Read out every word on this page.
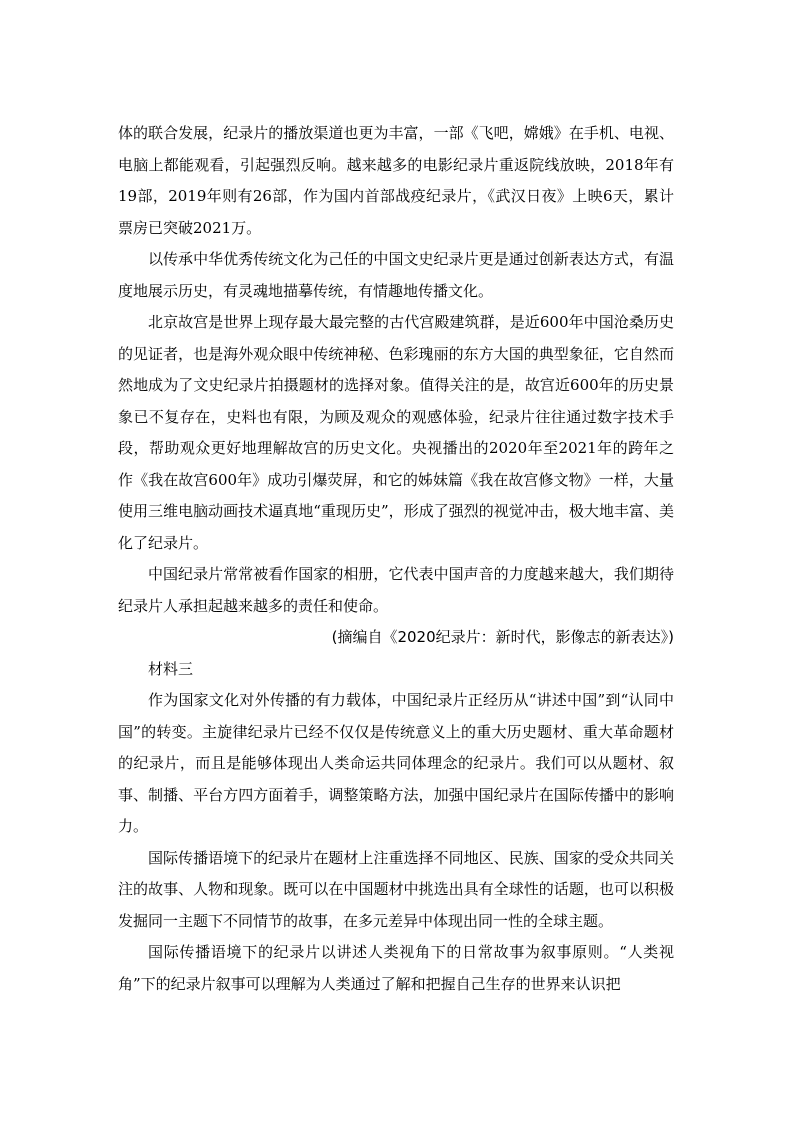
体的联合发展，纪录片的播放渠道也更为丰富，一部《飞吧，嫦娥》在手机、电视、电脑上都能观看，引起强烈反响。越来越多的电影纪录片重返院线放映，2018年有19部，2019年则有26部，作为国内首部战疫纪录片，《武汉日夜》上映6天，累计票房已突破2021万。

以传承中华优秀传统文化为己任的中国文史纪录片更是通过创新表达方式，有温度地展示历史，有灵魂地描摹传统，有情趣地传播文化。

北京故宫是世界上现存最大最完整的古代宫殿建筑群，是近600年中国沧桑历史的见证者，也是海外观众眼中传统神秘、色彩瑰丽的东方大国的典型象征，它自然而然地成为了文史纪录片拍摄题材的选择对象。值得关注的是，故宫近600年的历史景象已不复存在，史料也有限，为顾及观众的观感体验，纪录片往往通过数字技术手段，帮助观众更好地理解故宫的历史文化。央视播出的2020年至2021年的跨年之作《我在故宫600年》成功引爆荧屏，和它的姊妹篇《我在故宫修文物》一样，大量使用三维电脑动画技术逼真地“重现历史”，形成了强烈的视觉冲击，极大地丰富、美化了纪录片。

中国纪录片常常被看作国家的相册，它代表中国声音的力度越来越大，我们期待纪录片人承担起越来越多的责任和使命。

(摘编自《2020纪录片：新时代，影像志的新表达》)

材料三

作为国家文化对外传播的有力载体，中国纪录片正经历从“讲述中国”到“认同中国”的转变。主旋律纪录片已经不仅仅是传统意义上的重大历史题材、重大革命题材的纪录片，而且是能够体现出人类命运共同体理念的纪录片。我们可以从题材、叙事、制播、平台方四方面着手，调整策略方法，加强中国纪录片在国际传播中的影响力。

国际传播语境下的纪录片在题材上注重选择不同地区、民族、国家的受众共同关注的故事、人物和现象。既可以在中国题材中挑选出具有全球性的话题，也可以积极发掘同一主题下不同情节的故事，在多元差异中体现出同一性的全球主题。

国际传播语境下的纪录片以讲述人类视角下的日常故事为叙事原则。“人类视角”下的纪录片叙事可以理解为人类通过了解和把握自己生存的世界来认识把
